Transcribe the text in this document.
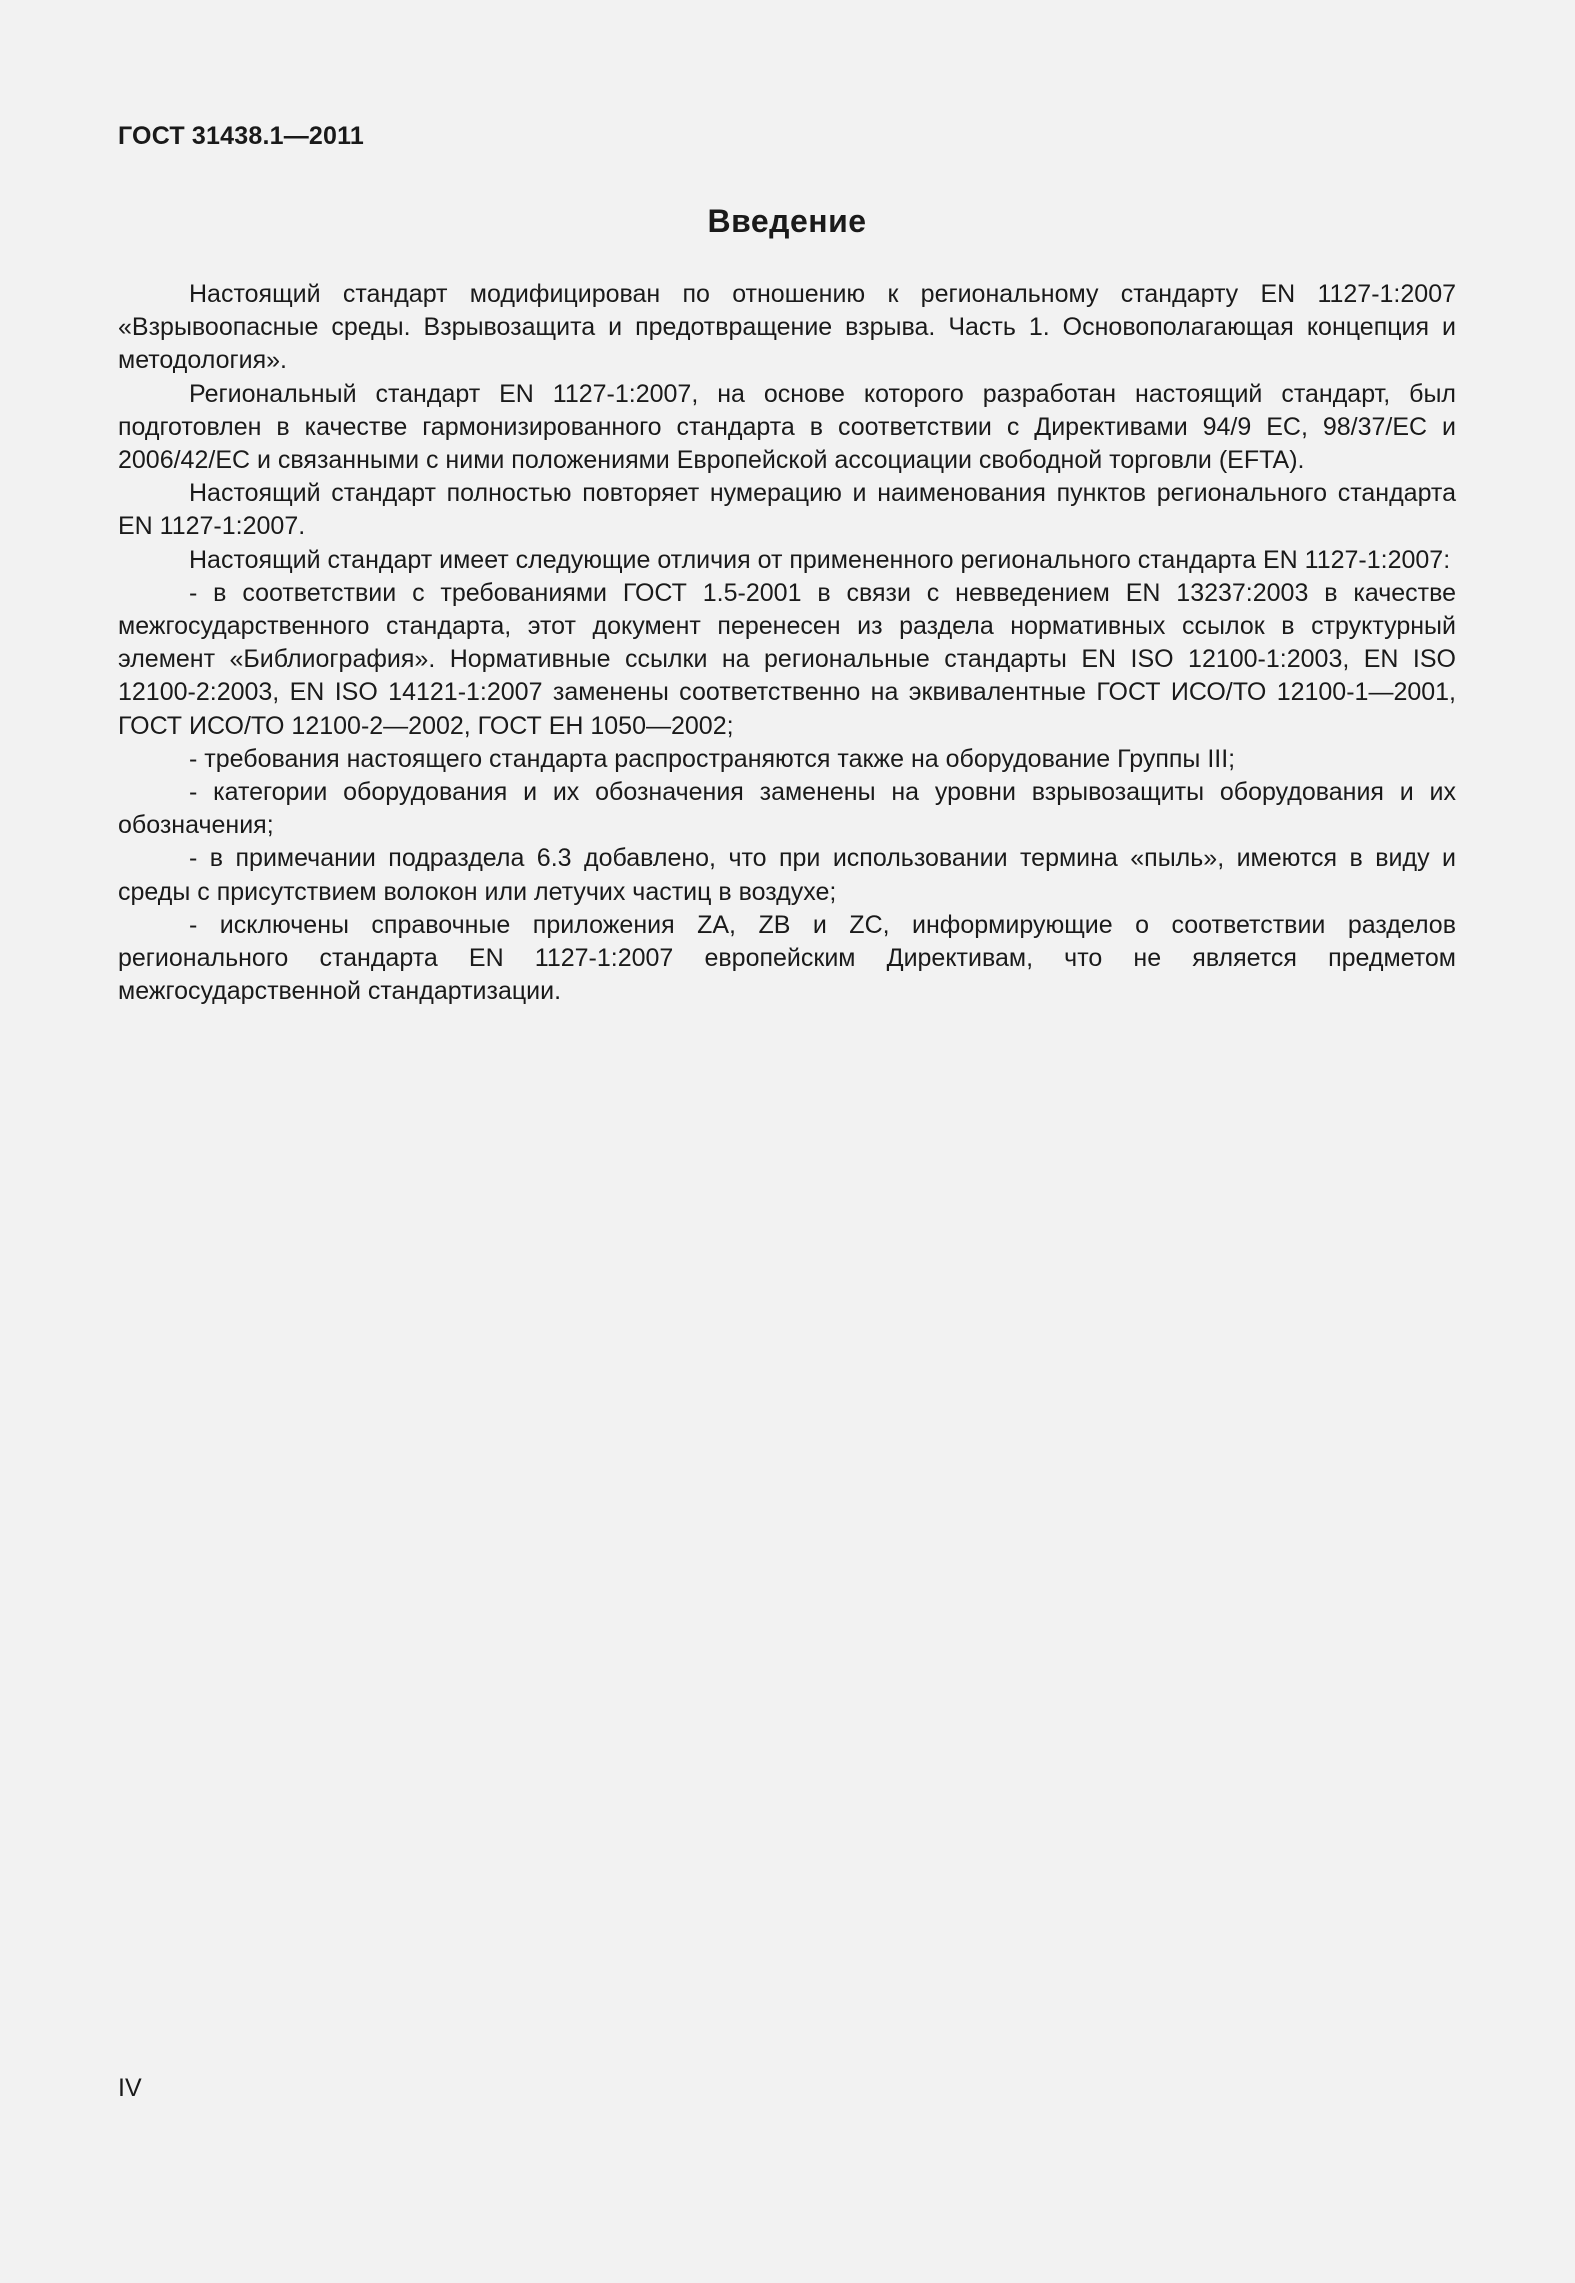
ГОСТ 31438.1—2011
Введение

Настоящий стандарт модифицирован по отношению к региональному стандарту EN 1127-1:2007 «Взрывоопасные среды. Взрывозащита и предотвращение взрыва. Часть 1. Основополагающая концепция и методология».

Региональный стандарт EN 1127-1:2007, на основе которого разработан настоящий стандарт, был подготовлен в качестве гармонизированного стандарта в соответствии с Директивами 94/9 EC, 98/37/EC и 2006/42/EC и связанными с ними положениями Европейской ассоциации свободной торговли (EFTA).

Настоящий стандарт полностью повторяет нумерацию и наименования пунктов регионального стандарта EN 1127-1:2007.

Настоящий стандарт имеет следующие отличия от примененного регионального стандарта EN 1127-1:2007:

- в соответствии с требованиями ГОСТ 1.5-2001 в связи с невведением EN 13237:2003 в качестве межгосударственного стандарта, этот документ перенесен из раздела нормативных ссылок в структурный элемент «Библиография». Нормативные ссылки на региональные стандарты EN ISO 12100-1:2003, EN ISO 12100-2:2003, EN ISO 14121-1:2007 заменены соответственно на эквивалентные ГОСТ ИСО/ТО 12100-1—2001, ГОСТ ИСО/ТО 12100-2—2002, ГОСТ ЕН 1050—2002;

- требования настоящего стандарта распространяются также на оборудование Группы III;

- категории оборудования и их обозначения заменены на уровни взрывозащиты оборудования и их обозначения;

- в примечании подраздела 6.3 добавлено, что при использовании термина «пыль», имеются в виду и среды с присутствием волокон или летучих частиц в воздухе;

- исключены справочные приложения ZA, ZB и ZC, информирующие о соответствии разделов регионального стандарта EN 1127-1:2007 европейским Директивам, что не является предметом межгосударственной стандартизации.

IV
